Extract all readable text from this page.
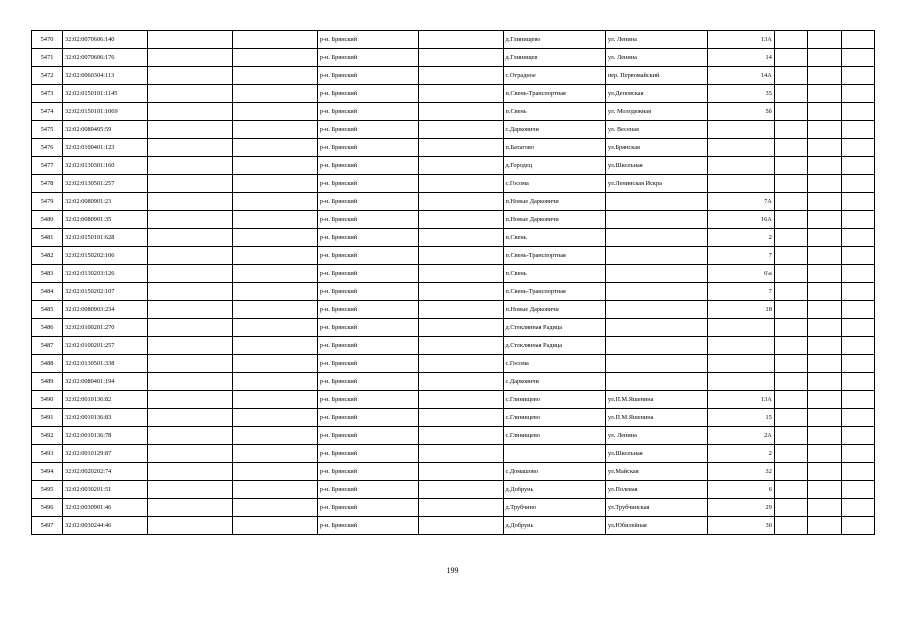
5470	32:02:0070606:140			р-н. Брянский		д.Глинищево	ул. Ленина	13А			
5471	32:02:0070606:176			р-н. Брянский		д.Глинищев	ул. Ленина	14			
5472	32:02:0060304:113			р-н. Брянский		с.Отрадное	пер. Первомайский	14А			
5473	32:02:0150101:1145			р-н. Брянский		п.Свень-Транспортная	ул.Деповская	35			
5474	32:02:0150101:1069			р-н. Брянский		п.Свень	ул. Молодежная	5б			
5475	32:02:0080405:59			р-н. Брянский		с.Дарковичи	ул. Весеная				
5476	32:02:0100401:123			р-н. Брянский		п.Батагово	ул.Брянская				
5477	32:02:0130301:160			р-н. Брянский		д.Городец	ул.Школьная				
5478	32:02:0130501:257			р-н. Брянский		с.Госома	ул.Ленинская Искра				
5479	32:02:0080901:23			р-н. Брянский		п.Новые Дарковичи		7А			
5480	32:02:0080901:35			р-н. Брянский		п.Новые Дарковичи		16А			
5481	32:02:0150101:628			р-н. Брянский		п.Свень		2			
5482	32:02:0150202:106			р-н. Брянский		п.Свень-Транспортная		7			
5483	32:02:0130203:126			р-н. Брянский		п.Свень		6\а			
5484	32:02:0150202:107			р-н. Брянский		п.Свень-Транспортная		7			
5485	32:02:0080903:234			р-н. Брянский		п.Новые Дарковичи		18			
5486	32:02:0100201:270			р-н. Брянский		д.Стеклянная Радица					
5487	32:02:0100201:257			р-н. Брянский		д.Стеклянная Радица					
5488	32:02:0130501:338			р-н. Брянский		с.Госома					
5489	32:02:0080401:194			р-н. Брянский		с.Дарковичи					
5490	32:02:0010136:82			р-н. Брянский		с.Глинищево	ул.П.М.Яшенина	13А			
5491	32:02:0010136:83			р-н. Брянский		с.Глинищево	ул.П.М.Яшенина	15			
5492	32:02:0010136:78			р-н. Брянский		с.Глинищево	ул. Ленина	2А			
5493	32:02:0010129:87			р-н. Брянский			ул.Школьная	2			
5494	32:02:0020202:74			р-н. Брянский		с.Домашово	ул.Майская	32			
5495	32:02:0030201:51			р-н. Брянский		д.Добрунь	ул.Полевая	6			
5496	32:02:0030901:46			р-н. Брянский		д.Трубчино	ул.Трубчинская	29			
5497	32:02:0030244:46			р-н. Брянский		д.Добрунь	ул.Юбилейная	30			
199
